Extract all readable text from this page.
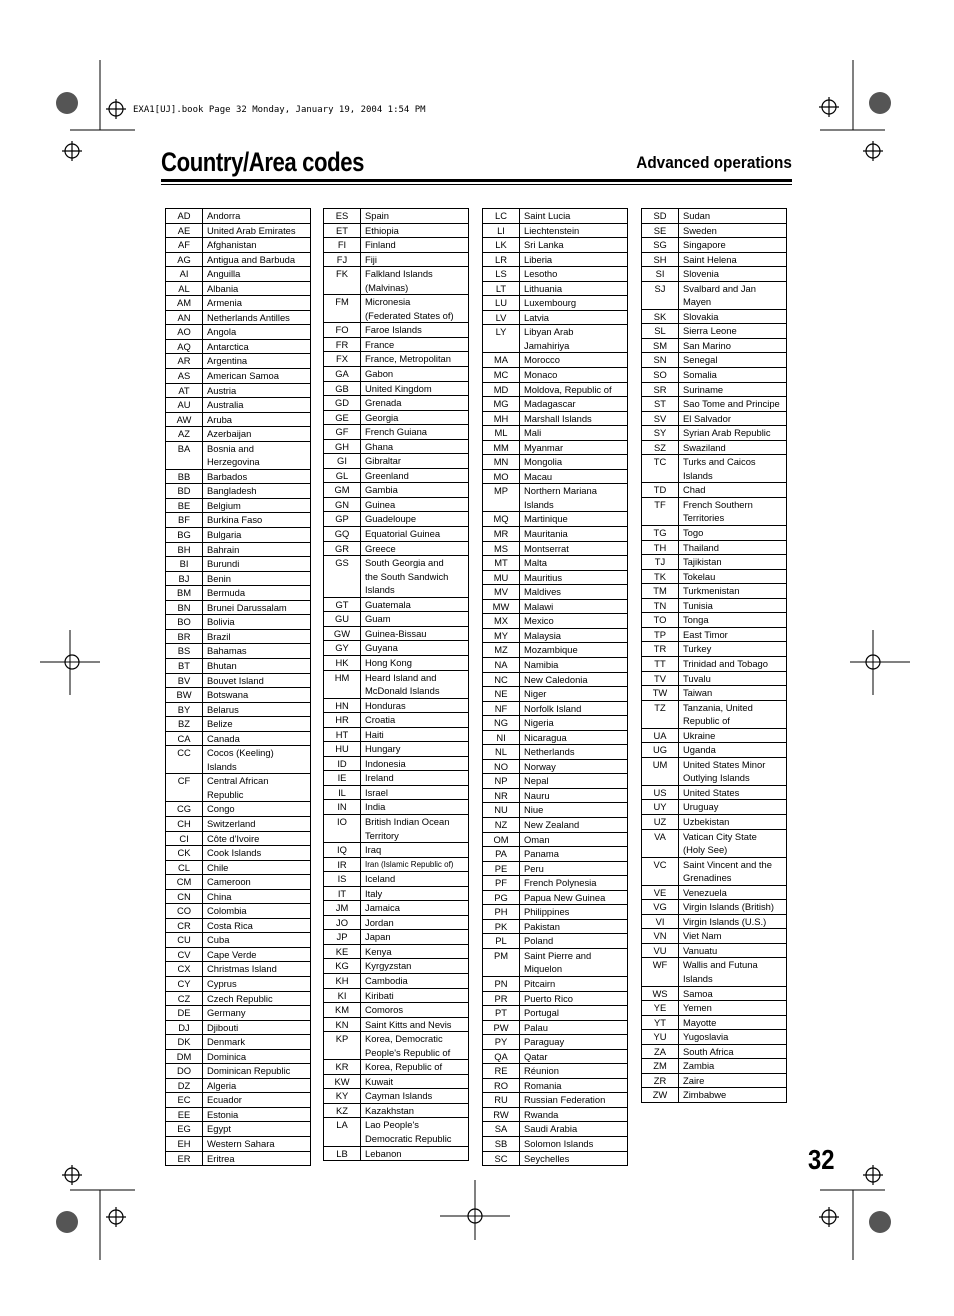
EXA1[UJ].book Page 32 Monday, January 19, 2004 1:54 PM
Country/Area codes	Advanced operations
AD	Andorra
AE	United Arab Emirates
AF	Afghanistan
AG	Antigua and Barbuda
AI	Anguilla
AL	Albania
AM	Armenia
AN	Netherlands Antilles
AO	Angola
AQ	Antarctica
AR	Argentina
AS	American Samoa
AT	Austria
AU	Australia
AW	Aruba
AZ	Azerbaijan
BA	Bosnia and
Herzegovina
BB	Barbados
BD	Bangladesh
BE	Belgium
BF	Burkina Faso
BG	Bulgaria
BH	Bahrain
BI	Burundi
BJ	Benin
BM	Bermuda
BN	Brunei Darussalam
BO	Bolivia
BR	Brazil
BS	Bahamas
BT	Bhutan
BV	Bouvet Island
BW	Botswana
BY	Belarus
BZ	Belize
CA	Canada
CC	Cocos (Keeling)
Islands
CF	Central African
Republic
CG	Congo
CH	Switzerland
CI	Côte d'Ivoire
CK	Cook Islands
CL	Chile
CM	Cameroon
CN	China
CO	Colombia
CR	Costa Rica
CU	Cuba
CV	Cape Verde
CX	Christmas Island
CY	Cyprus
CZ	Czech Republic
DE	Germany
DJ	Djibouti
DK	Denmark
DM	Dominica
DO	Dominican Republic
DZ	Algeria
EC	Ecuador
EE	Estonia
EG	Egypt
EH	Western Sahara
ER	Eritrea
ES	Spain
ET	Ethiopia
FI	Finland
FJ	Fiji
FK	Falkland Islands
(Malvinas)
FM	Micronesia
(Federated States of)
FO	Faroe Islands
FR	France
FX	France, Metropolitan
GA	Gabon
GB	United Kingdom
GD	Grenada
GE	Georgia
GF	French Guiana
GH	Ghana
GI	Gibraltar
GL	Greenland
GM	Gambia
GN	Guinea
GP	Guadeloupe
GQ	Equatorial Guinea
GR	Greece
GS	South Georgia and
the South Sandwich
Islands
GT	Guatemala
GU	Guam
GW	Guinea-Bissau
GY	Guyana
HK	Hong Kong
HM	Heard Island and
McDonald Islands
HN	Honduras
HR	Croatia
HT	Haiti
HU	Hungary
ID	Indonesia
IE	Ireland
IL	Israel
IN	India
IO	British Indian Ocean
Territory
IQ	Iraq
IR	Iran (Islamic Republic of)
IS	Iceland
IT	Italy
JM	Jamaica
JO	Jordan
JP	Japan
KE	Kenya
KG	Kyrgyzstan
KH	Cambodia
KI	Kiribati
KM	Comoros
KN	Saint Kitts and Nevis
KP	Korea, Democratic
People's Republic of
KR	Korea, Republic of
KW	Kuwait
KY	Cayman Islands
KZ	Kazakhstan
LA	Lao People's
Democratic Republic
LB	Lebanon
LC	Saint Lucia
LI	Liechtenstein
LK	Sri Lanka
LR	Liberia
LS	Lesotho
LT	Lithuania
LU	Luxembourg
LV	Latvia
LY	Libyan Arab
Jamahiriya
MA	Morocco
MC	Monaco
MD	Moldova, Republic of
MG	Madagascar
MH	Marshall Islands
ML	Mali
MM	Myanmar
MN	Mongolia
MO	Macau
MP	Northern Mariana
Islands
MQ	Martinique
MR	Mauritania
MS	Montserrat
MT	Malta
MU	Mauritius
MV	Maldives
MW	Malawi
MX	Mexico
MY	Malaysia
MZ	Mozambique
NA	Namibia
NC	New Caledonia
NE	Niger
NF	Norfolk Island
NG	Nigeria
NI	Nicaragua
NL	Netherlands
NO	Norway
NP	Nepal
NR	Nauru
NU	Niue
NZ	New Zealand
OM	Oman
PA	Panama
PE	Peru
PF	French Polynesia
PG	Papua New Guinea
PH	Philippines
PK	Pakistan
PL	Poland
PM	Saint Pierre and
Miquelon
PN	Pitcairn
PR	Puerto Rico
PT	Portugal
PW	Palau
PY	Paraguay
QA	Qatar
RE	Réunion
RO	Romania
RU	Russian Federation
RW	Rwanda
SA	Saudi Arabia
SB	Solomon Islands
SC	Seychelles
SD	Sudan
SE	Sweden
SG	Singapore
SH	Saint Helena
SI	Slovenia
SJ	Svalbard and Jan
Mayen
SK	Slovakia
SL	Sierra Leone
SM	San Marino
SN	Senegal
SO	Somalia
SR	Suriname
ST	Sao Tome and Principe
SV	El Salvador
SY	Syrian Arab Republic
SZ	Swaziland
TC	Turks and Caicos
Islands
TD	Chad
TF	French Southern
Territories
TG	Togo
TH	Thailand
TJ	Tajikistan
TK	Tokelau
TM	Turkmenistan
TN	Tunisia
TO	Tonga
TP	East Timor
TR	Turkey
TT	Trinidad and Tobago
TV	Tuvalu
TW	Taiwan
TZ	Tanzania, United
Republic of
UA	Ukraine
UG	Uganda
UM	United States Minor
Outlying Islands
US	United States
UY	Uruguay
UZ	Uzbekistan
VA	Vatican City State
(Holy See)
VC	Saint Vincent and the
Grenadines
VE	Venezuela
VG	Virgin Islands (British)
VI	Virgin Islands (U.S.)
VN	Viet Nam
VU	Vanuatu
WF	Wallis and Futuna
Islands
WS	Samoa
YE	Yemen
YT	Mayotte
YU	Yugoslavia
ZA	South Africa
ZM	Zambia
ZR	Zaire
ZW	Zimbabwe
32
